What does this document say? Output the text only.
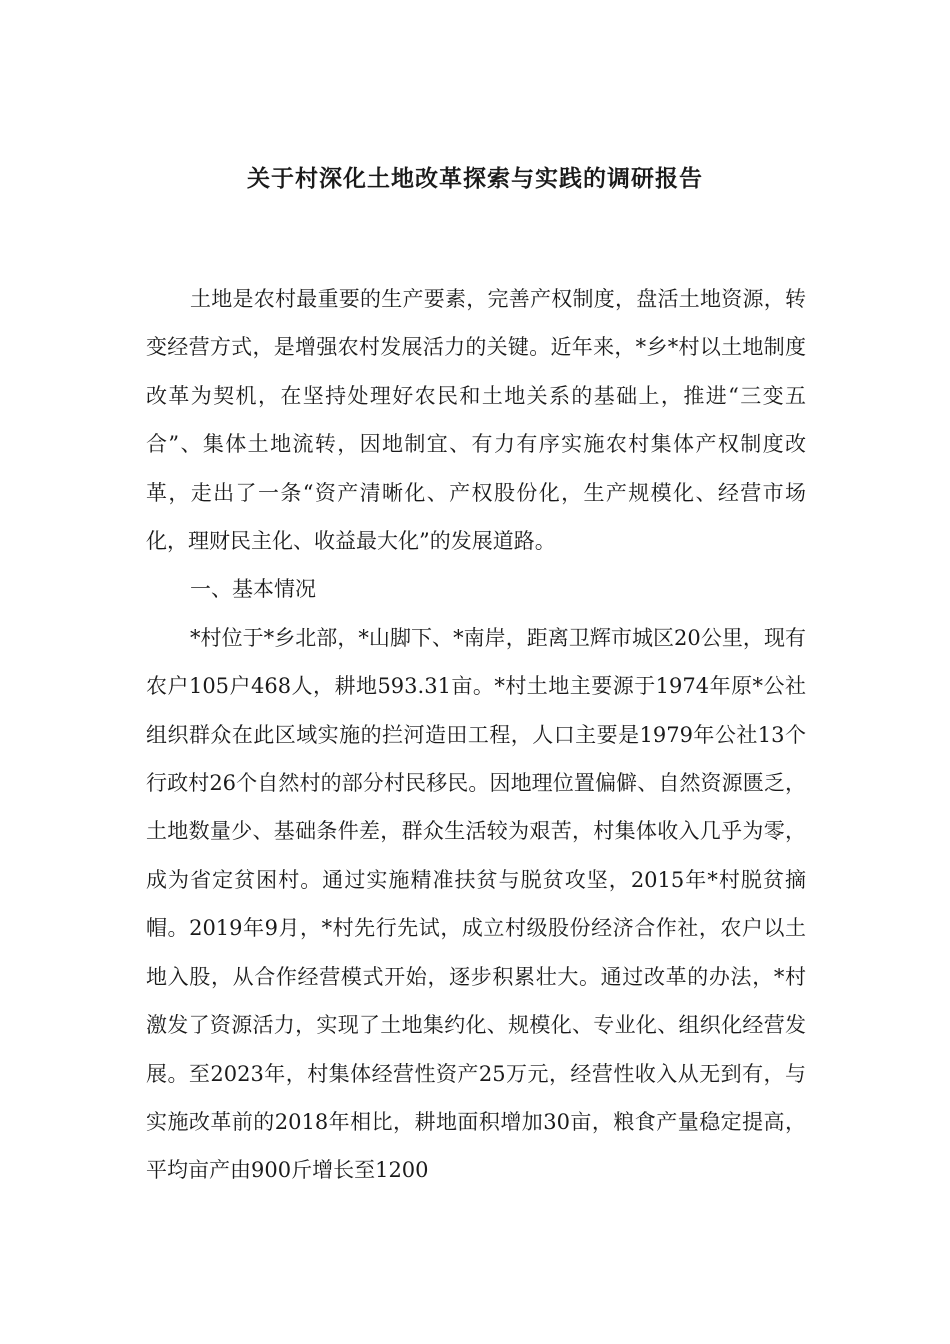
关于村深化土地改革探索与实践的调研报告

土地是农村最重要的生产要素，完善产权制度，盘活土地资源，转变经营方式，是增强农村发展活力的关键。近年来，*乡*村以土地制度改革为契机，在坚持处理好农民和土地关系的基础上，推进“三变五合”、集体土地流转，因地制宜、有力有序实施农村集体产权制度改革，走出了一条“资产清晰化、产权股份化，生产规模化、经营市场化，理财民主化、收益最大化”的发展道路。

一、基本情况

*村位于*乡北部，*山脚下、*南岸，距离卫辉市城区20公里，现有农户105户468人，耕地593.31亩。*村土地主要源于1974年原*公社组织群众在此区域实施的拦河造田工程，人口主要是1979年公社13个行政村26个自然村的部分村民移民。因地理位置偏僻、自然资源匮乏，土地数量少、基础条件差，群众生活较为艰苦，村集体收入几乎为零，成为省定贫困村。通过实施精准扶贫与脱贫攻坚，2015年*村脱贫摘帽。2019年9月，*村先行先试，成立村级股份经济合作社，农户以土地入股，从合作经营模式开始，逐步积累壮大。通过改革的办法，*村激发了资源活力，实现了土地集约化、规模化、专业化、组织化经营发展。至2023年，村集体经营性资产25万元，经营性收入从无到有，与实施改革前的2018年相比，耕地面积增加30亩，粮食产量稳定提高，平均亩产由900斤增长至1200
